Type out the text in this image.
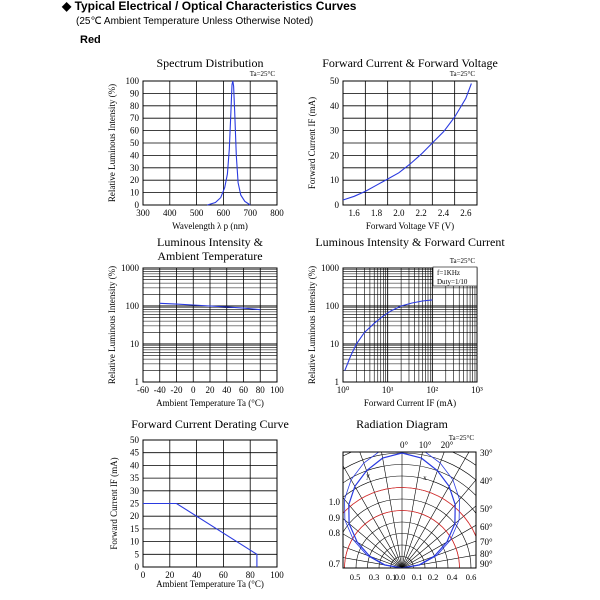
◆ Typical Electrical / Optical Characteristics Curves
(25℃ Ambient Temperature Unless Otherwise Noted)
Red
300 400 500 600 700 800
0
10
20
30
40
50
60
70
80
90
100
Spectrum Distribution
Ta=25°C
Wavelength λ p (nm)
Relative Luminous Intensity (%)
1.6 1.8 2.0 2.2 2.4 2.6
0
10
20
30
40
50
Forward Current & Forward Voltage
Ta=25°C
Forward Voltage VF (V)
Forward Current IF (mA)
-60 -40 -20 0 20 40 60 80 100
1
10
100
1000
Luminous Intensity &
Ambient Temperature
Ambient Temperature Ta (°C)
Relative Luminous Intensity (%)
10⁰	10¹	10²	10³
1
10
100
1000
Luminous Intensity & Forward Current
Ta=25°C
Forward Current IF (mA)
Relative Luminous Intensity (%)	f=1KHz
Duty=1/10
0 20 40 60 80 100
0
5
10
15
20
25
30
35
40
45
50
Forward Current Derating Curve
Ambient Temperature Ta (°C)
Forward Current IF (mA)
Radiation Diagram
Ta=25°C
0° 10° 20°
30°
40°
50°
60°
70°
80°
90°
1.0
0.9
0.8
0.7
0.5 0.3 0.1
0.0 0.1 0.2 0.4 0.6
y	x
